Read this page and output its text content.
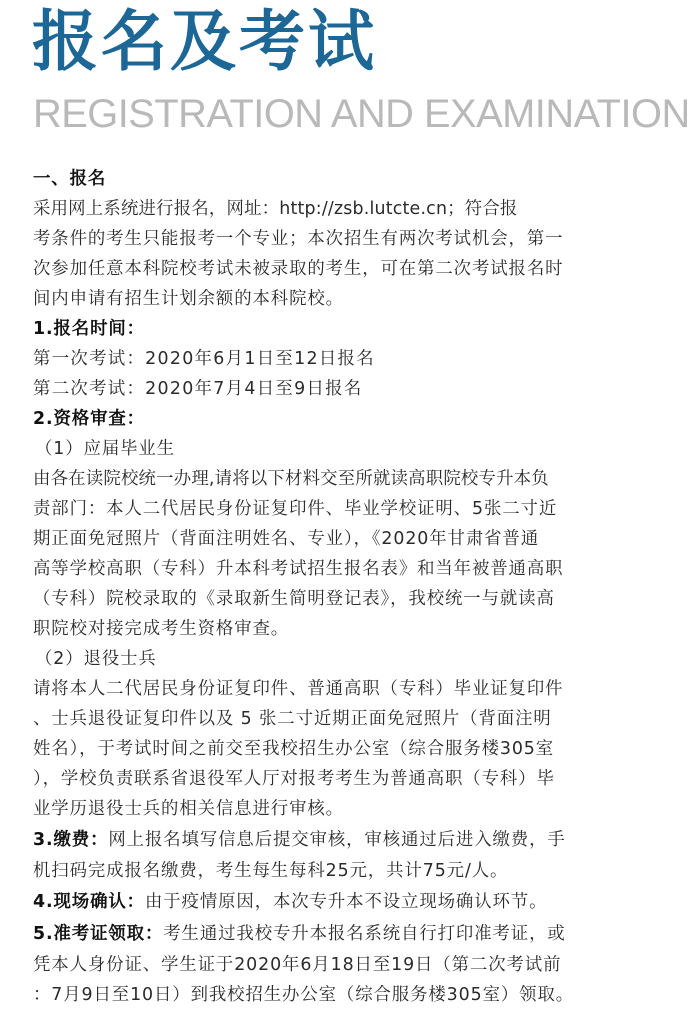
报名及考试
REGISTRATION AND EXAMINATION
一、报名
采用网上系统进行报名，网址：http://zsb.lutcte.cn；符合报
考条件的考生只能报考一个专业；本次招生有两次考试机会，第一
次参加任意本科院校考试未被录取的考生，可在第二次考试报名时
间内申请有招生计划余额的本科院校。
1.报名时间：
第一次考试：2020年6月1日至12日报名
第二次考试：2020年7月4日至9日报名
2.资格审查：
（1）应届毕业生
由各在读院校统一办理,请将以下材料交至所就读高职院校专升本负
责部门：本人二代居民身份证复印件、毕业学校证明、5张二寸近
期正面免冠照片（背面注明姓名、专业），《2020年甘肃省普通
高等学校高职（专科）升本科考试招生报名表》和当年被普通高职
（专科）院校录取的《录取新生简明登记表》，我校统一与就读高
职院校对接完成考生资格审查。
（2）退役士兵
请将本人二代居民身份证复印件、普通高职（专科）毕业证复印件
、士兵退役证复印件以及 5 张二寸近期正面免冠照片（背面注明
姓名），于考试时间之前交至我校招生办公室（综合服务楼305室
），学校负责联系省退役军人厅对报考考生为普通高职（专科）毕
业学历退役士兵的相关信息进行审核。
3.缴费：网上报名填写信息后提交审核，审核通过后进入缴费，手
机扫码完成报名缴费，考生每生每科25元，共计75元/人。
4.现场确认：由于疫情原因，本次专升本不设立现场确认环节。
5.准考证领取：考生通过我校专升本报名系统自行打印准考证，或
凭本人身份证、学生证于2020年6月18日至19日（第二次考试前
：7月9日至10日）到我校招生办公室（综合服务楼305室）领取。
